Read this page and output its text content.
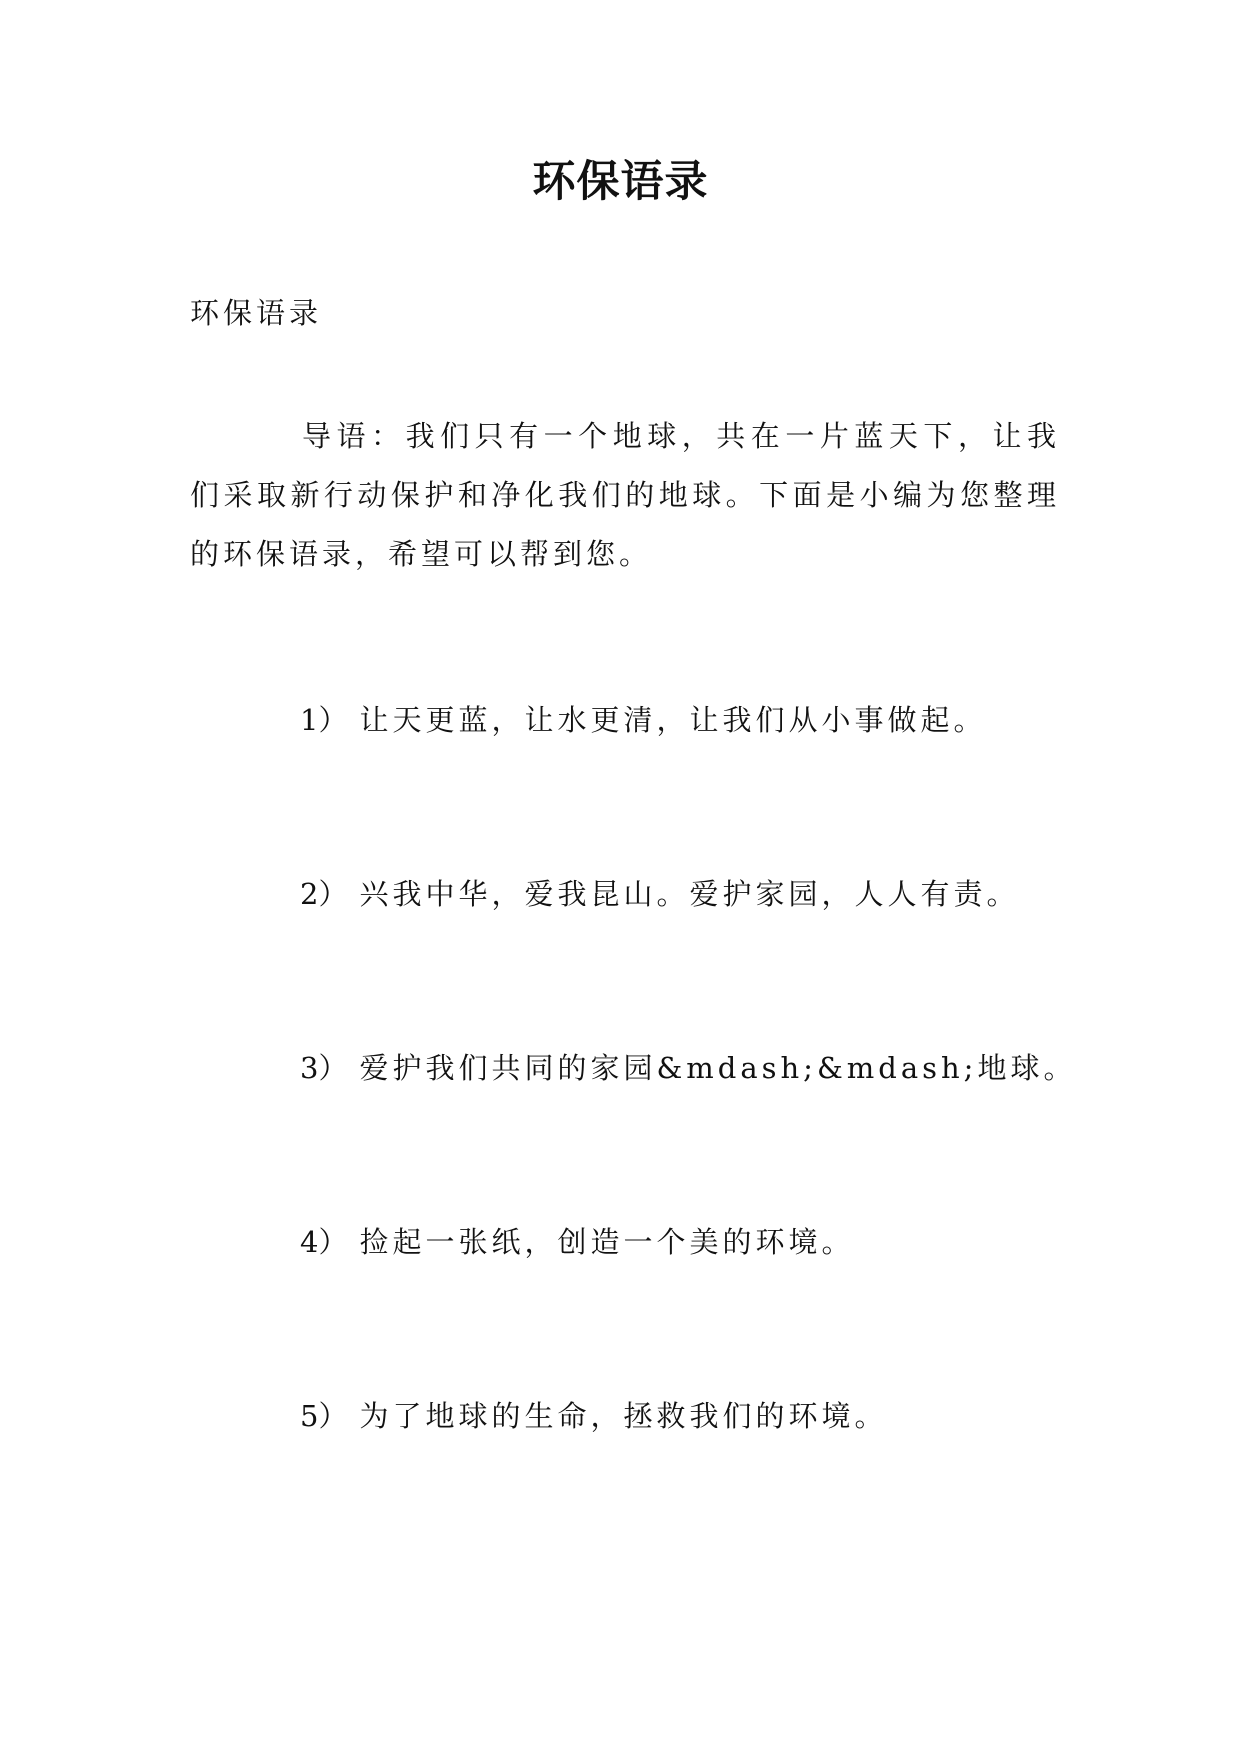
环保语录

环保语录

导语：我们只有一个地球，共在一片蓝天下，让我们采取新行动保护和净化我们的地球。下面是小编为您整理的环保语录，希望可以帮到您。

1） 让天更蓝，让水更清，让我们从小事做起。
2） 兴我中华，爱我昆山。爱护家园，人人有责。
3） 爱护我们共同的家园&mdash;&mdash;地球。
4） 捡起一张纸，创造一个美的环境。
5） 为了地球的生命，拯救我们的环境。
